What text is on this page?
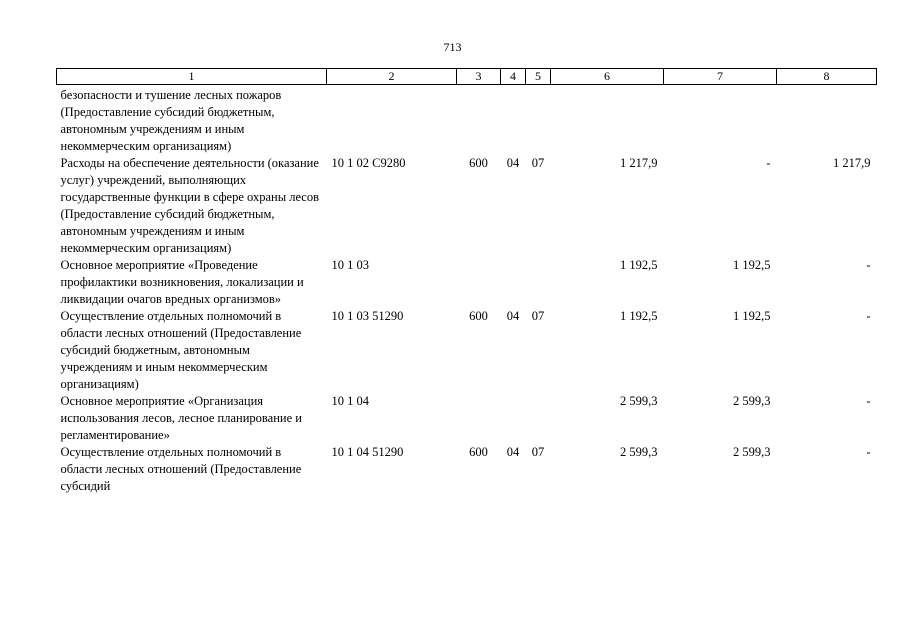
713
1	2	3	4	5	6	7	8
безопасности и тушение лесных пожаров (Предоставление субсидий бюджетным, автономным учреждениям и иным некоммерческим организациям)							
Расходы на обеспечение деятельности (оказание услуг) учреждений, выполняющих государственные функции в сфере охраны лесов (Предоставление субсидий бюджетным, автономным учреждениям и иным некоммерческим организациям)	10 1 02 С9280	600	04	07	1 217,9	-	1 217,9
Основное мероприятие «Проведение профилактики возникновения, локализации и ликвидации очагов вредных организмов»	10 1 03				1 192,5	1 192,5	-
Осуществление отдельных полномочий в области лесных отношений (Предоставление субсидий бюджетным, автономным учреждениям и иным некоммерческим организациям)	10 1 03 51290	600	04	07	1 192,5	1 192,5	-
Основное мероприятие «Организация использования лесов, лесное планирование и регламентирование»	10 1 04				2 599,3	2 599,3	-
Осуществление отдельных полномочий в области лесных отношений (Предоставление субсидий	10 1 04 51290	600	04	07	2 599,3	2 599,3	-
